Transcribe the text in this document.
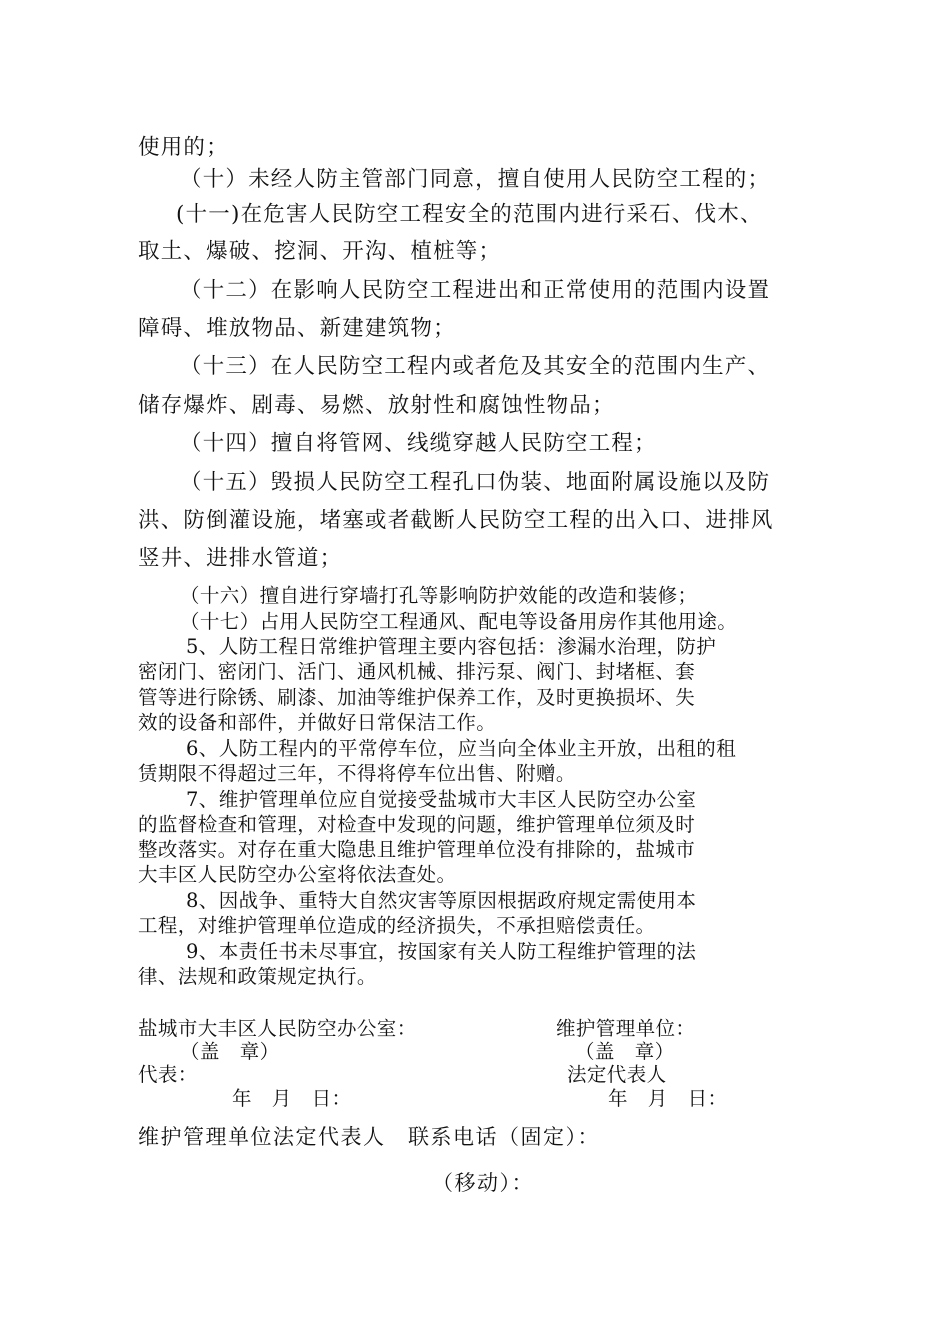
使用的；
（十）未经人防主管部门同意，擅自使用人民防空工程的；
(十一)在危害人民防空工程安全的范围内进行采石、伐木、
取土、爆破、挖洞、开沟、植桩等；
（十二）在影响人民防空工程进出和正常使用的范围内设置
障碍、堆放物品、新建建筑物；
（十三）在人民防空工程内或者危及其安全的范围内生产、
储存爆炸、剧毒、易燃、放射性和腐蚀性物品；
（十四）擅自将管网、线缆穿越人民防空工程；
（十五）毁损人民防空工程孔口伪装、地面附属设施以及防
洪、防倒灌设施，堵塞或者截断人民防空工程的出入口、进排风
竖井、进排水管道；
（十六）擅自进行穿墙打孔等影响防护效能的改造和装修；
（十七）占用人民防空工程通风、配电等设备用房作其他用途。
5、人防工程日常维护管理主要内容包括：渗漏水治理，防护
密闭门、密闭门、活门、通风机械、排污泵、阀门、封堵框、套
管等进行除锈、刷漆、加油等维护保养工作，及时更换损坏、失
效的设备和部件，并做好日常保洁工作。
6、人防工程内的平常停车位，应当向全体业主开放，出租的租
赁期限不得超过三年，不得将停车位出售、附赠。
7、维护管理单位应自觉接受盐城市大丰区人民防空办公室
的监督检查和管理，对检查中发现的问题，维护管理单位须及时
整改落实。对存在重大隐患且维护管理单位没有排除的，盐城市
大丰区人民防空办公室将依法查处。
8、因战争、重特大自然灾害等原因根据政府规定需使用本
工程，对维护管理单位造成的经济损失，不承担赔偿责任。
9、本责任书未尽事宜，按国家有关人防工程维护管理的法
律、法规和政策规定执行。
盐城市大丰区人民防空办公室：	维护管理单位：
（盖　章）	（盖　章）
代表：	法定代表人
年　月　日：	年　月　日：
维护管理单位法定代表人　联系电话（固定）：
（移动）：
